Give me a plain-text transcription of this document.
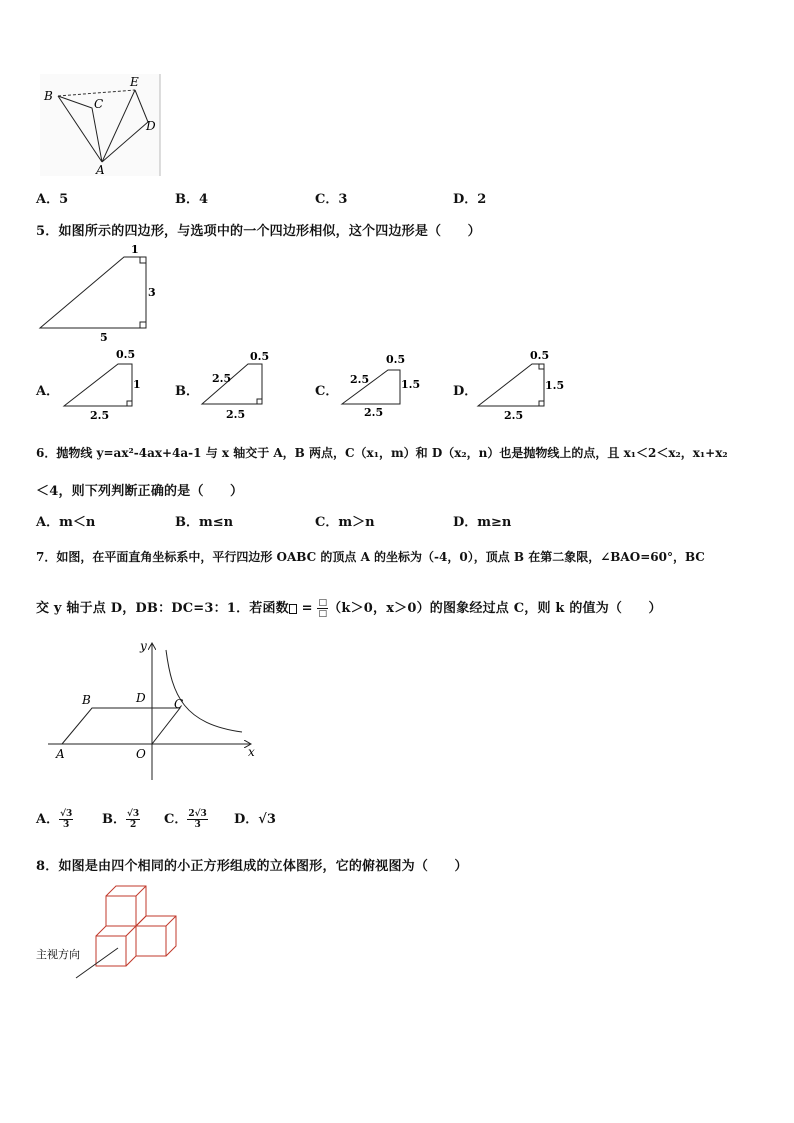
B
C
E
D
A
A．5	B．4	C．3	D．2
5．如图所示的四边形，与选项中的一个四边形相似，这个四边形是（　　）
1
3
5
A．
0.5
1
2.5
B．
0.5
2.5
2.5
C．
0.5
2.5	1.5
2.5
D．
0.5
1.5
2.5
6．抛物线 y=ax²-4ax+4a-1 与 x 轴交于 A，B 两点，C（x₁，m）和 D（x₂，n）也是抛物线上的点，且 x₁＜2＜x₂，x₁+x₂
＜4，则下列判断正确的是（　　）
A．m＜n	B．m≤n	C．m＞n	D．m≥n
7．如图，在平面直角坐标系中，平行四边形 OABC 的顶点 A 的坐标为（-4，0），顶点 B 在第二象限，∠BAO=60°，BC
交 y 轴于点 D，DB：DC=3：1．若函数 = $\frac{□}{□} (k>0$，x＞0）的图象经过点 C，则 k 的值为（　　）
y
x
B	D C
A	O
A． $\frac{√3}{3}$ B． $\frac{√3}{2}$ C． $\frac{2√3}{3}$ D．√3
8．如图是由四个相同的小正方形组成的立体图形，它的俯视图为（　　）
主视方向
